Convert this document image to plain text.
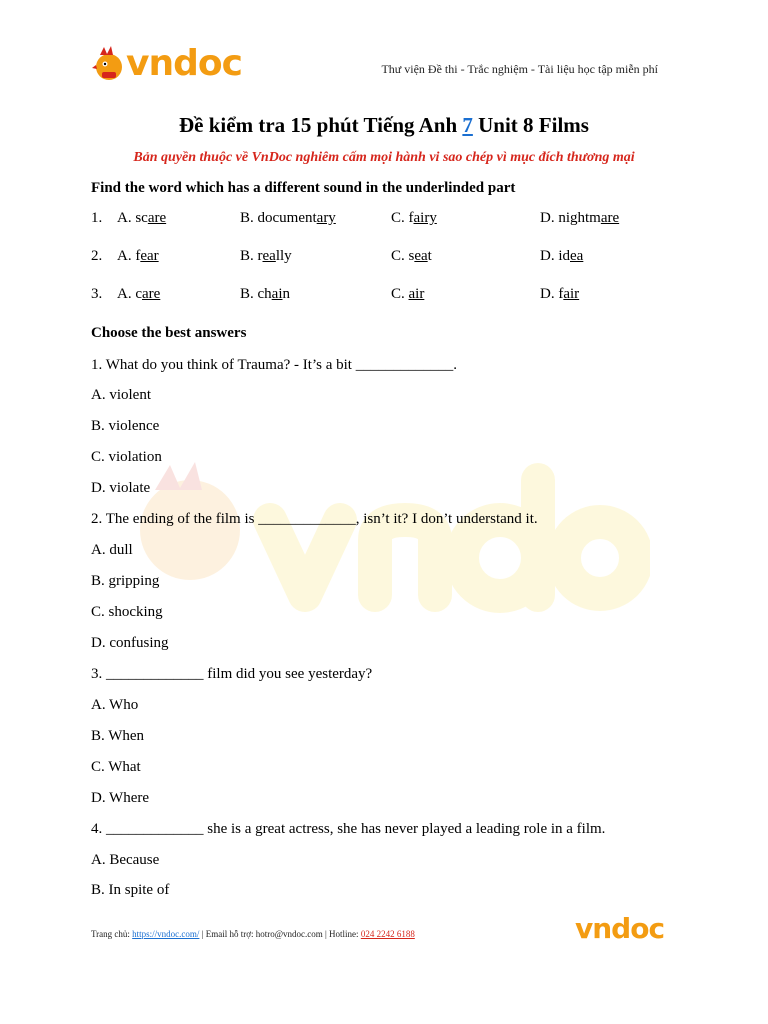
vndoc	Thư viện Đề thi - Trắc nghiệm - Tài liệu học tập miễn phí
Đề kiểm tra 15 phút Tiếng Anh 7 Unit 8 Films
Bản quyền thuộc về VnDoc nghiêm cấm mọi hành vi sao chép vì mục đích thương mại
Find the word which has a different sound in the underlinded part
1. A. scare	B. documentary	C. fairy	D. nightmare
2. A. fear	B. really	C. seat	D. idea
3. A. care	B. chain	C. air	D. fair
Choose the best answers
1. What do you think of Trauma? - It’s a bit _____________.
A. violent
B. violence
C. violation
D. violate
2. The ending of the film is _____________, isn’t it? I don’t understand it.
A. dull
B. gripping
C. shocking
D. confusing
3. _____________ film did you see yesterday?
A. Who
B. When
C. What
D. Where
4. _____________ she is a great actress, she has never played a leading role in a film.
A. Because
B. In spite of
Trang chủ: https://vndoc.com/ | Email hỗ trợ: hotro@vndoc.com | Hotline: 024 2242 6188	vndoc
